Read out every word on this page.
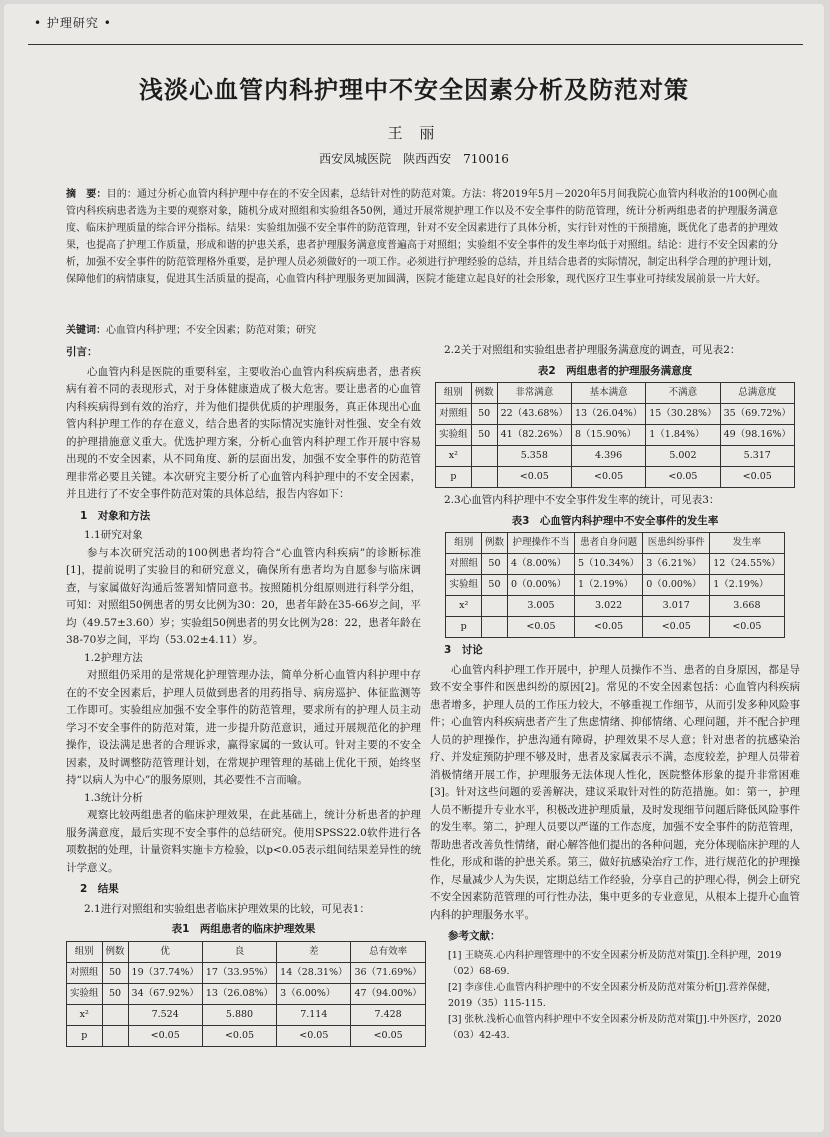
• 护理研究 •
浅淡心血管内科护理中不安全因素分析及防范对策
王 丽
西安凤城医院　陕西西安　710016
摘　要：目的：通过分析心血管内科护理中存在的不安全因素，总结针对性的防范对策。方法：将2019年5月－2020年5月间我院心血管内科收治的100例心血管内科疾病患者选为主要的观察对象，随机分成对照组和实验组各50例，通过开展常规护理工作以及不安全事件的防范管理，统计分析两组患者的护理服务满意度、临床护理质量的综合评分指标。结果：实验组加强不安全事件的防范管理，针对不安全因素进行了具体分析，实行针对性的干预措施，既优化了患者的护理效果，也提高了护理工作质量，形成和谐的护患关系，患者护理服务满意度普遍高于对照组；实验组不安全事件的发生率均低于对照组。结论：进行不安全因素的分析，加强不安全事件的防范管理格外重要，是护理人员必须做好的一项工作。必须进行护理经验的总结，并且结合患者的实际情况，制定出科学合理的护理计划，保障他们的病情康复，促进其生活质量的提高，心血管内科护理服务更加圆满，医院才能建立起良好的社会形象，现代医疗卫生事业可持续发展前景一片大好。
关键词：心血管内科护理；不安全因素；防范对策；研究
引言：

心血管内科是医院的重要科室，主要收治心血管内科疾病患者，患者疾病有着不同的表现形式，对于身体健康造成了极大危害。要让患者的心血管内科疾病得到有效的治疗，并为他们提供优质的护理服务，真正体现出心血管内科护理工作的存在意义，结合患者的实际情况实施针对性强、安全有效的护理措施意义重大。优选护理方案，分析心血管内科护理工作开展中容易出现的不安全因素，从不同角度、新的层面出发，加强不安全事件的防范管理非常必要且关键。本次研究主要分析了心血管内科护理中的不安全因素，并且进行了不安全事件防范对策的具体总结，报告内容如下：

1　对象和方法
1.1研究对象

参与本次研究活动的100例患者均符合“心血管内科疾病”的诊断标准[1]，提前说明了实验目的和研究意义，确保所有患者均为自愿参与临床调查，与家属做好沟通后签署知情同意书。按照随机分组原则进行科学分组，可知：对照组50例患者的男女比例为30：20，患者年龄在35-66岁之间，平均（49.57±3.60）岁；实验组50例患者的男女比例为28：22，患者年龄在38-70岁之间，平均（53.02±4.11）岁。

1.2护理方法

对照组仍采用的是常规化护理管理办法，简单分析心血管内科护理中存在的不安全因素后，护理人员做到患者的用药指导、病房巡护、体征监测等工作即可。实验组应加强不安全事件的防范管理，要求所有的护理人员主动学习不安全事件的防范对策，进一步提升防范意识，通过开展规范化的护理操作，设法满足患者的合理诉求，赢得家属的一致认可。针对主要的不安全因素，及时调整防范管理计划，在常规护理管理的基础上优化干预，始终坚持“以病人为中心”的服务原则，其必要性不言而喻。

1.3统计分析

观察比较两组患者的临床护理效果，在此基础上，统计分析患者的护理服务满意度，最后实现不安全事件的总结研究。使用SPSS22.0软件进行各项数据的处理，计量资料实施卡方检验，以p<0.05表示组间结果差异性的统计学意义。

2　结果
2.1进行对照组和实验组患者临床护理效果的比较，可见表1：
表1　两组患者的临床护理效果
组别	例数	优	良	差	总有效率
对照组	50	19（37.74%）	17（33.95%）	14（28.31%）	36（71.69%）
实验组	50	34（67.92%）	13（26.08%）	3（6.00%）	47（94.00%）
x²		7.524	5.880	7.114	7.428
p		<0.05	<0.05	<0.05	<0.05
2.2关于对照组和实验组患者护理服务满意度的调查，可见表2：
表2　两组患者的护理服务满意度
组别	例数	非常满意	基本满意	不满意	总满意度
对照组	50	22（43.68%）	13（26.04%）	15（30.28%）	35（69.72%）
实验组	50	41（82.26%）	8（15.90%）	1（1.84%）	49（98.16%）
x²		5.358	4.396	5.002	5.317
p		<0.05	<0.05	<0.05	<0.05
2.3心血管内科护理中不安全事件发生率的统计，可见表3：
表3　心血管内科护理中不安全事件的发生率
组别	例数	护理操作不当	患者自身问题	医患纠纷事件	发生率
对照组	50	4（8.00%）	5（10.34%）	3（6.21%）	12（24.55%）
实验组	50	0（0.00%）	1（2.19%）	0（0.00%）	1（2.19%）
x²		3.005	3.022	3.017	3.668
p		<0.05	<0.05	<0.05	<0.05
3　讨论

心血管内科护理工作开展中，护理人员操作不当、患者的自身原因，都是导致不安全事件和医患纠纷的原因[2]。常见的不安全因素包括：心血管内科疾病患者增多，护理人员的工作压力较大，不够重视工作细节，从而引发多种风险事件；心血管内科疾病患者产生了焦虑情绪、抑郁情绪、心理问题，并不配合护理人员的护理操作，护患沟通有障碍，护理效果不尽人意；针对患者的抗感染治疗、并发症预防护理不够及时，患者及家属表示不满，态度较差，护理人员带着消极情绪开展工作，护理服务无法体现人性化，医院整体形象的提升非常困难[3]。针对这些问题的妥善解决，建议采取针对性的防范措施。如：第一，护理人员不断提升专业水平，积极改进护理质量，及时发现细节问题后降低风险事件的发生率。第二，护理人员要以严谨的工作态度，加强不安全事件的防范管理，帮助患者改善负性情绪，耐心解答他们提出的各种问题，充分体现临床护理的人性化，形成和谐的护患关系。第三，做好抗感染治疗工作，进行规范化的护理操作，尽量减少人为失误，定期总结工作经验，分享自己的护理心得，例会上研究不安全因素防范管理的可行性办法，集中更多的专业意见，从根本上提升心血管内科的护理服务水平。

参考文献：
[1] 王晓英.心内科护理管理中的不安全因素分析及防范对策[J].全科护理，2019（02）68-69.
[2] 李彦佳.心血管内科护理中的不安全因素分析及防范对策分析[J].营养保健，2019（35）115-115.
[3] 张秋.浅析心血管内科护理中不安全因素分析及防范对策[J].中外医疗，2020（03）42-43.
